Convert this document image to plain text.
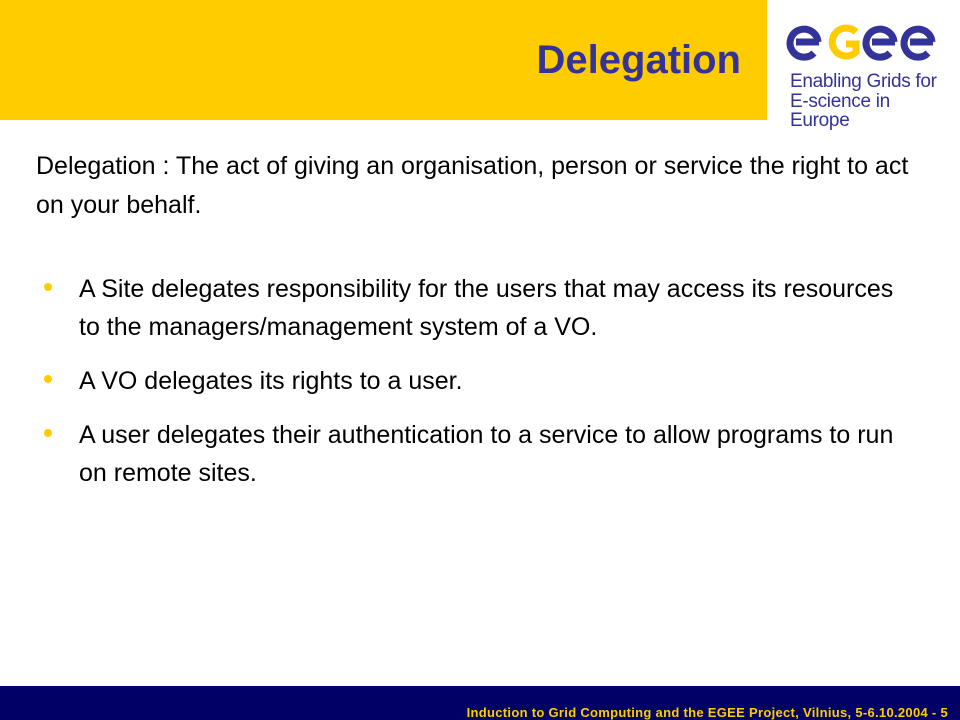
Delegation	Enabling Grids for
E-science in Europe

Delegation : The act of giving an organisation, person or service the right to act on your behalf.

A Site delegates responsibility for the users that may access its resources to the managers/management system of a VO.
A VO delegates its rights to a user.
A user delegates their authentication to a service to allow programs to run on remote sites.
Induction to Grid Computing and the EGEE Project, Vilnius, 5-6.10.2004 - 5
